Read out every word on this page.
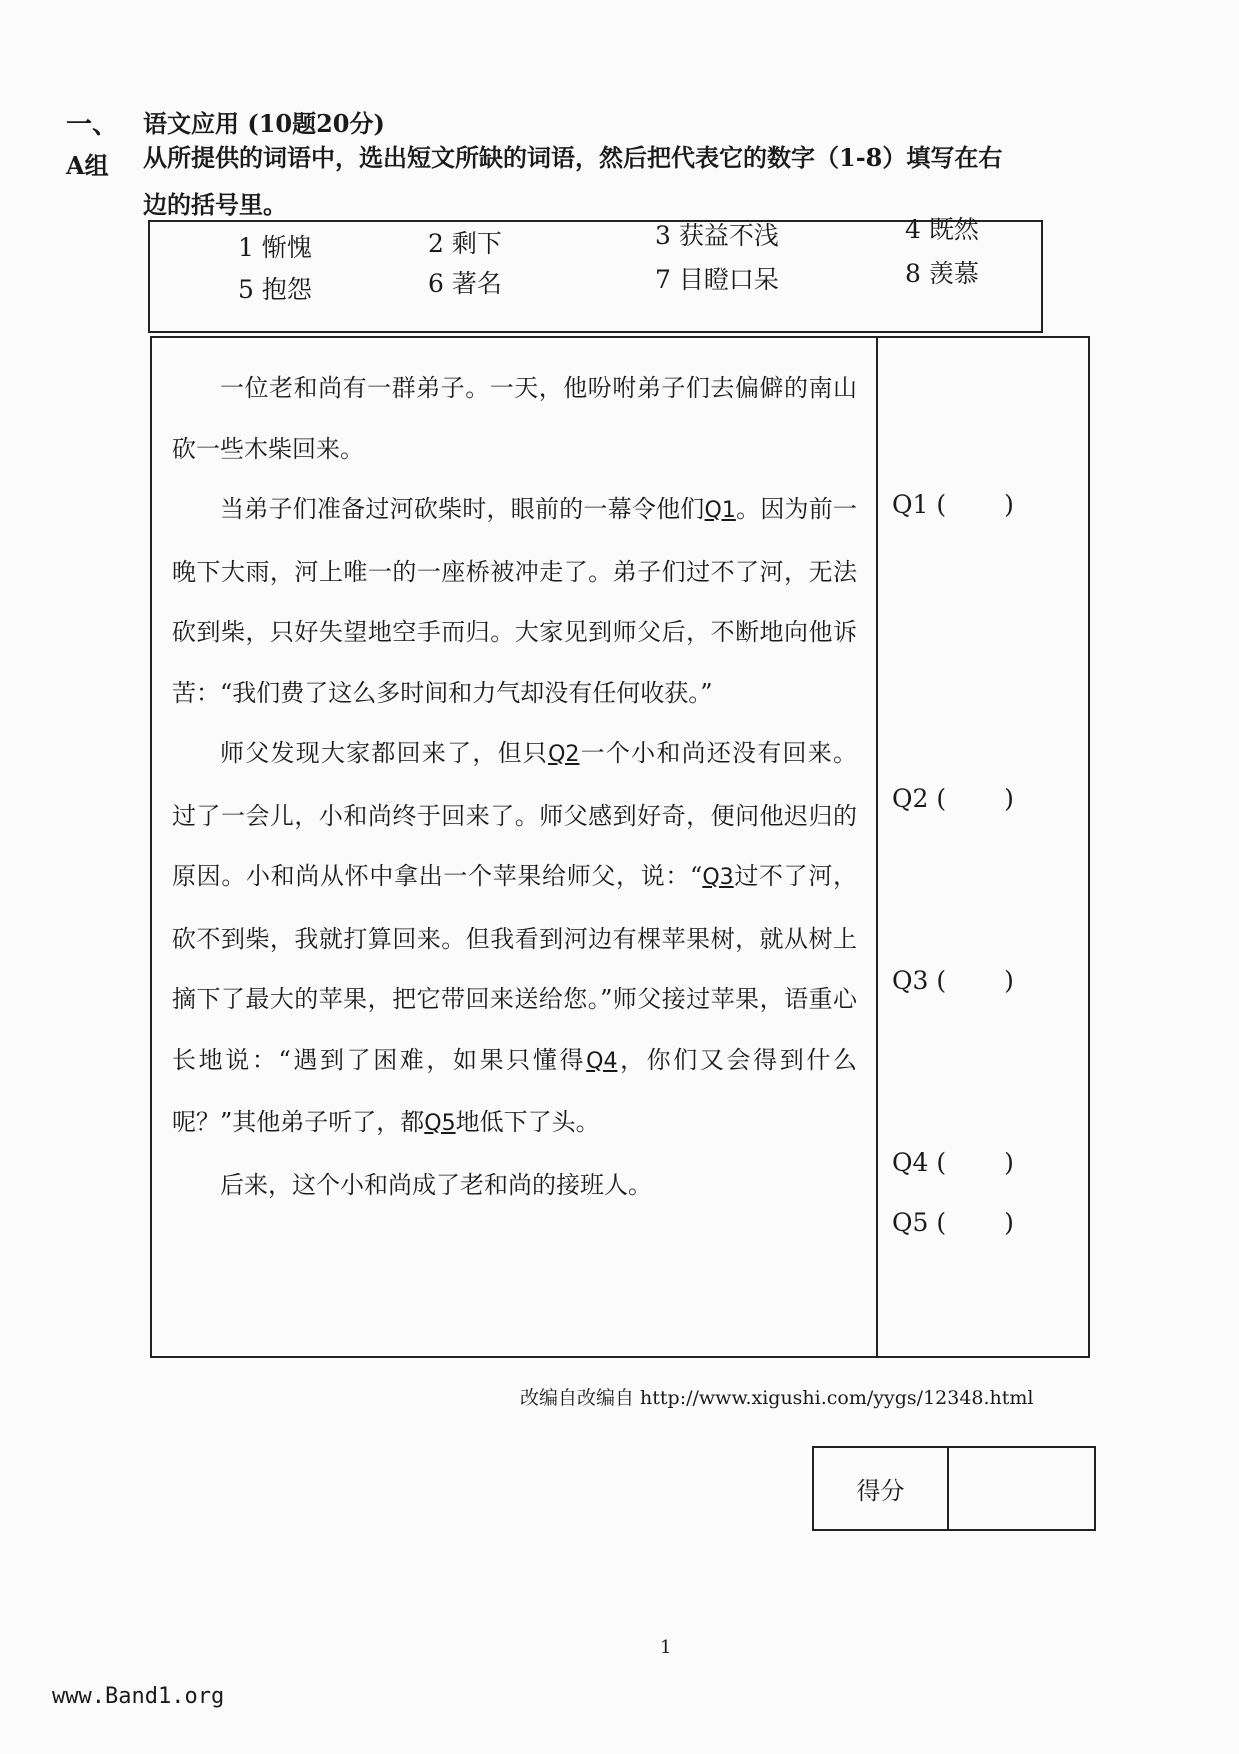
一、 语文应用 (10题20分)
A组 从所提供的词语中，选出短文所缺的词语，然后把代表它的数字（1-8）填写在右边的括号里。
1 惭愧	2 剩下	3 获益不浅	4 既然
5 抱怨	6 著名	7 目瞪口呆	8 羡慕

一位老和尚有一群弟子。一天，他吩咐弟子们去偏僻的南山砍一些木柴回来。

当弟子们准备过河砍柴时，眼前的一幕令他们Q1。因为前一晚下大雨，河上唯一的一座桥被冲走了。弟子们过不了河，无法砍到柴，只好失望地空手而归。大家见到师父后，不断地向他诉苦：“我们费了这么多时间和力气却没有任何收获。”

师父发现大家都回来了，但只Q2一个小和尚还没有回来。 过了一会儿，小和尚终于回来了。师父感到好奇，便问他迟归的原因。小和尚从怀中拿出一个苹果给师父，说：“Q3过不了河，砍不到柴，我就打算回来。但我看到河边有棵苹果树，就从树上摘下了最大的苹果，把它带回来送给您。”师父接过苹果，语重心长地说：“遇到了困难，如果只懂得Q4，你们又会得到什么呢？”其他弟子听了，都Q5地低下了头。

后来，这个小和尚成了老和尚的接班人。

Q1 ( )
Q2 ( )
Q3 ( )
Q4 ( )
Q5 ( )
改编自改编自 http://www.xigushi.com/yygs/12348.html
得分
1
www.Band1.org
